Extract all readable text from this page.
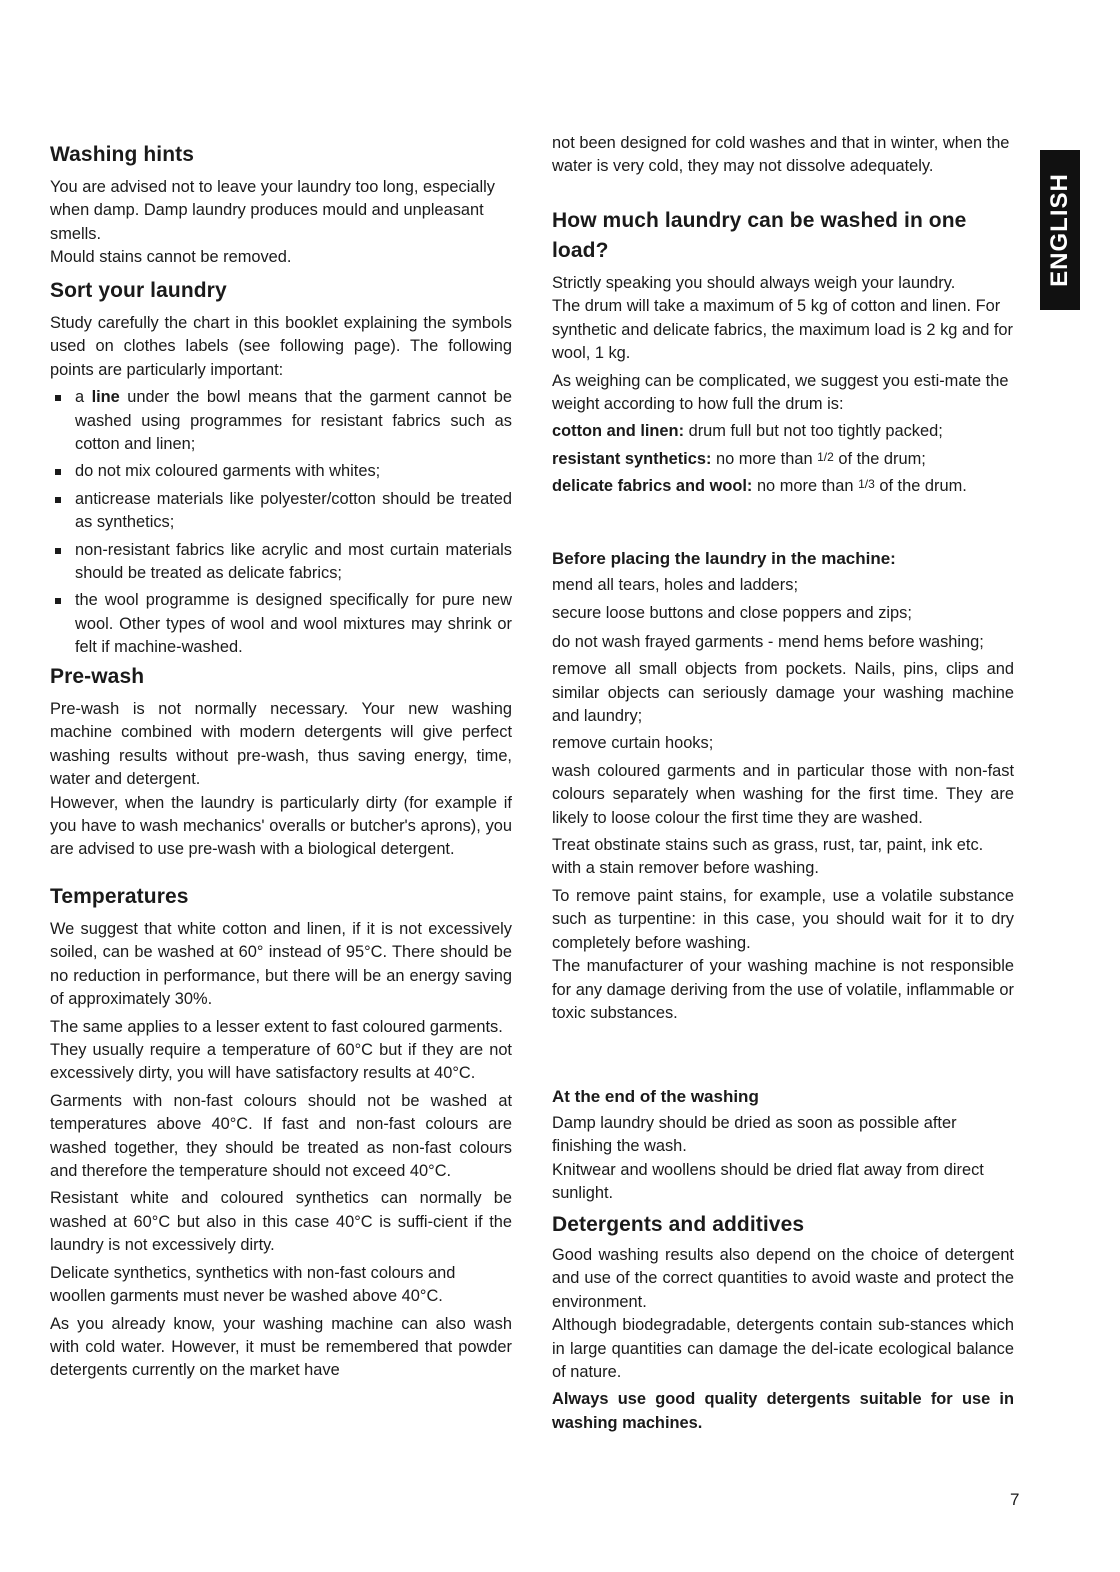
Washing hints

You are advised not to leave your laundry too long, especially when damp. Damp laundry produces mould and unpleasant smells.

Mould stains cannot be removed.

Sort your laundry

Study carefully the chart in this booklet explaining the symbols used on clothes labels (see following page). The following points are particularly important:

a line under the bowl means that the garment cannot be washed using programmes for resistant fabrics such as cotton and linen;
do not mix coloured garments with whites;
anticrease materials like polyester/cotton should be treated as synthetics;
non-resistant fabrics like acrylic and most curtain materials should be treated as delicate fabrics;
the wool programme is designed specifically for pure new wool. Other types of wool and wool mixtures may shrink or felt if machine-washed.
Pre-wash

Pre-wash is not normally necessary. Your new washing machine combined with modern detergents will give perfect washing results without pre-wash, thus saving energy, time, water and detergent.

However, when the laundry is particularly dirty (for example if you have to wash mechanics' overalls or butcher's aprons), you are advised to use pre-wash with a biological detergent.

Temperatures

We suggest that white cotton and linen, if it is not excessively soiled, can be washed at 60° instead of 95°C. There should be no reduction in performance, but there will be an energy saving of approximately 30%.

The same applies to a lesser extent to fast coloured garments.

They usually require a temperature of 60°C but if they are not excessively dirty, you will have satisfactory results at 40°C.

Garments with non-fast colours should not be washed at temperatures above 40°C. If fast and non-fast colours are washed together, they should be treated as non-fast colours and therefore the temperature should not exceed 40°C.

Resistant white and coloured synthetics can normally be washed at 60°C but also in this case 40°C is suffi-cient if the laundry is not excessively dirty.

Delicate synthetics, synthetics with non-fast colours and woollen garments must never be washed above 40°C.

As you already know, your washing machine can also wash with cold water. However, it must be remembered that powder detergents currently on the market have

not been designed for cold washes and that in winter, when the water is very cold, they may not dissolve adequately.

How much laundry can be washed in one load?

Strictly speaking you should always weigh your laundry.

The drum will take a maximum of 5 kg of cotton and linen. For synthetic and delicate fabrics, the maximum load is 2 kg and for wool, 1 kg.

As weighing can be complicated, we suggest you esti-mate the weight according to how full the drum is:

cotton and linen: drum full but not too tightly packed;

resistant synthetics: no more than 1/2 of the drum;

delicate fabrics and wool: no more than 1/3 of the drum.

Before placing the laundry in the machine:

mend all tears, holes and ladders;

secure loose buttons and close poppers and zips;

do not wash frayed garments - mend hems before washing;

remove all small objects from pockets. Nails, pins, clips and similar objects can seriously damage your washing machine and laundry;

remove curtain hooks;

wash coloured garments and in particular those with non-fast colours separately when washing for the first time. They are likely to loose colour the first time they are washed.

Treat obstinate stains such as grass, rust, tar, paint, ink etc. with a stain remover before washing.

To remove paint stains, for example, use a volatile substance such as turpentine: in this case, you should wait for it to dry completely before washing.

The manufacturer of your washing machine is not responsible for any damage deriving from the use of volatile, inflammable or toxic substances.

At the end of the washing

Damp laundry should be dried as soon as possible after finishing the wash.

Knitwear and woollens should be dried flat away from direct sunlight.

Detergents and additives

Good washing results also depend on the choice of detergent and use of the correct quantities to avoid waste and protect the environment.

Although biodegradable, detergents contain sub-stances which in large quantities can damage the del-icate ecological balance of nature.

Always use good quality detergents suitable for use in washing machines.

ENGLISH
7
